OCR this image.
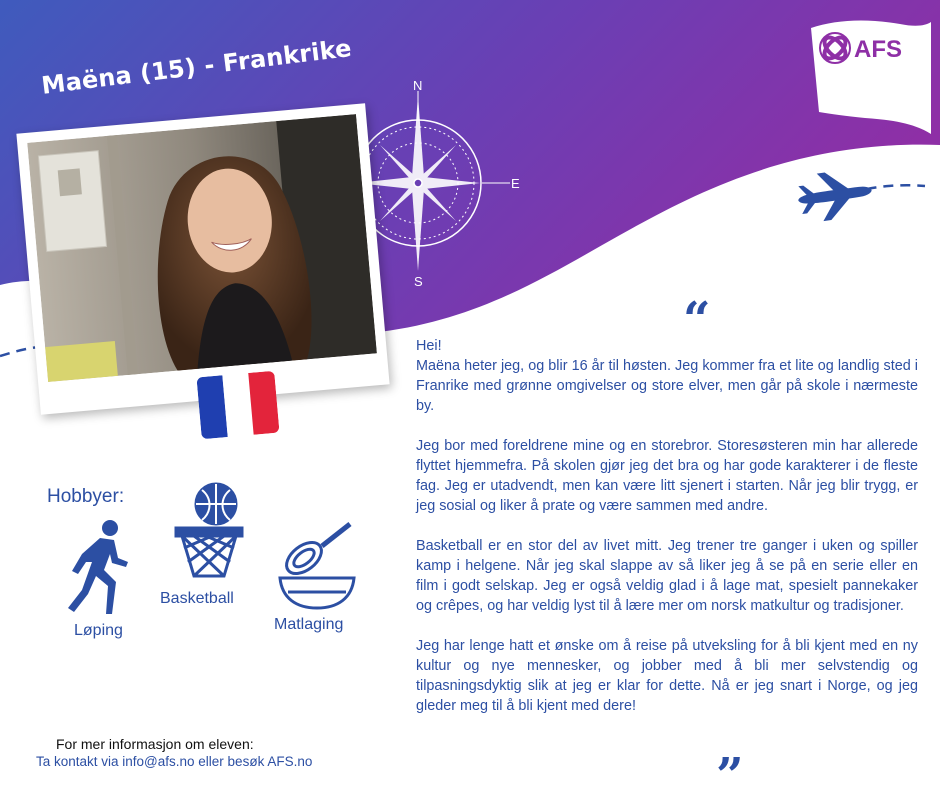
N
E
S
AFS
AFS Norge
Internasjonal
Utveksling
Maëna (15) - Frankrike
Hobbyer:
Løping
Basketball
Matlaging
“
”

Hei!
Maëna heter jeg, og blir 16 år til høsten. Jeg kommer fra et lite og landlig sted i Franrike med grønne omgivelser og store elver, men går på skole i nærmeste by.

Jeg bor med foreldrene mine og en storebror. Storesøsteren min har allerede flyttet hjemmefra. På skolen gjør jeg det bra og har gode karakterer i de fleste fag. Jeg er utadvendt, men kan være litt sjenert i starten. Når jeg blir trygg, er jeg sosial og liker å prate og være sammen med andre.

Basketball er en stor del av livet mitt. Jeg trener tre ganger i uken og spiller kamp i helgene. Når jeg skal slappe av så liker jeg å se på en serie eller en film i godt selskap. Jeg er også veldig glad i å lage mat, spesielt pannekaker og crêpes, og har veldig lyst til å lære mer om norsk matkultur og tradisjoner.

Jeg har lenge hatt et ønske om å reise på utveksling for å bli kjent med en ny kultur og nye mennesker, og jobber med å bli mer selvstendig og tilpasningsdyktig slik at jeg er klar for dette. Nå er jeg snart i Norge, og jeg gleder meg til å bli kjent med dere!

For mer informasjon om eleven:
Ta kontakt via info@afs.no eller besøk AFS.no
